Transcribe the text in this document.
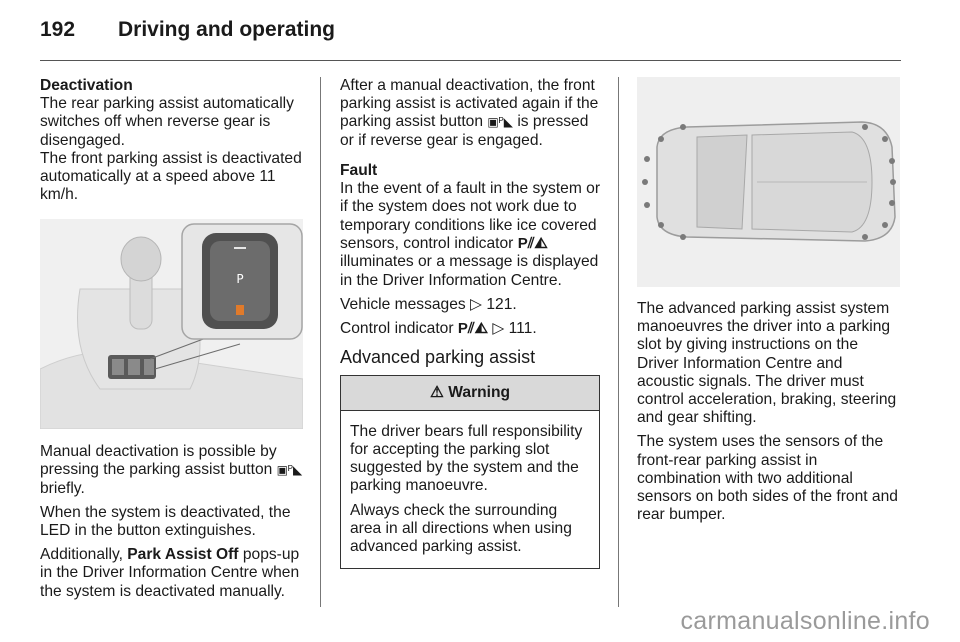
192 Driving and operating

Deactivation
The rear parking assist automatically switches off when reverse gear is disengaged.

The front parking assist is deactivated automatically at a speed above 11 km/h.

P

Manual deactivation is possible by pressing the parking assist button ▣ᴾ◣ briefly.

When the system is deactivated, the LED in the button extinguishes.

Additionally, Park Assist Off pops-up in the Driver Information Centre when the system is deactivated manually.

After a manual deactivation, the front parking assist is activated again if the parking assist button ▣ᴾ◣ is pressed or if reverse gear is engaged.

Fault
In the event of a fault in the system or if the system does not work due to temporary conditions like ice covered sensors, control indicator P⫽◭ illuminates or a message is displayed in the Driver Information Centre.

Vehicle messages ▷ 121.

Control indicator P⫽◭ ▷ 111.

Advanced parking assist

⚠ Warning

The driver bears full responsibility for accepting the parking slot suggested by the system and the parking manoeuvre.

Always check the surrounding area in all directions when using advanced parking assist.

The advanced parking assist system manoeuvres the driver into a parking slot by giving instructions on the Driver Information Centre and acoustic signals. The driver must control acceleration, braking, steering and gear shifting.

The system uses the sensors of the front-rear parking assist in combination with two additional sensors on both sides of the front and rear bumper.

carmanualsonline.info
